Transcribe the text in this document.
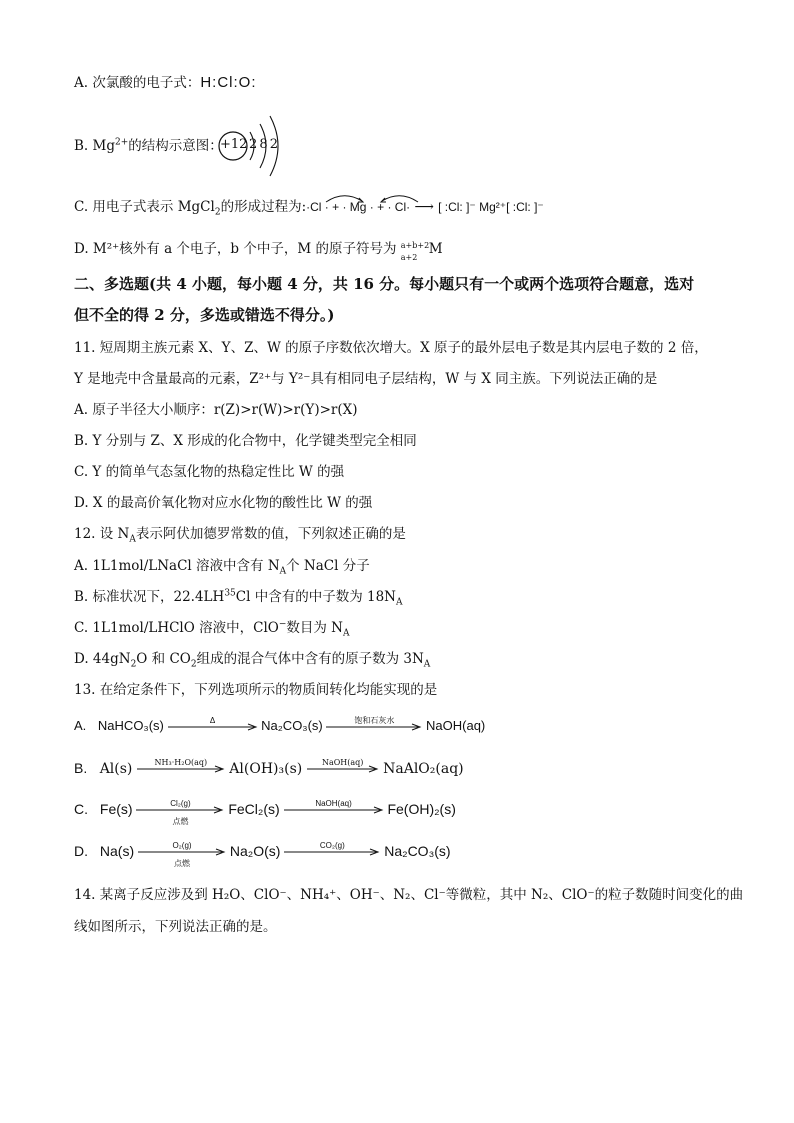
A. 次氯酸的电子式：H:Cl:O:
B. $Mg^{2+}$的结构示意图：
+12 2 8 2
C. 用电子式表示 MgCl$_2$的形成过程为:·Cl · + · Mg · + · Cl· ⟶ [ :Cl: ]⁻ Mg²⁺[ :Cl: ]⁻
D. M²⁺核外有 a 个电子，b 个中子，M 的原子符号为 a+b+2
a+2 M
二、多选题(共 4 小题，每小题 4 分，共 16 分。每小题只有一个或两个选项符合题意，选对
但不全的得 2 分，多选或错选不得分。)
11. 短周期主族元素 X、Y、Z、W 的原子序数依次增大。X 原子的最外层电子数是其内层电子数的 2 倍，
Y 是地壳中含量最高的元素，Z²⁺与 Y²⁻具有相同电子层结构，W 与 X 同主族。下列说法正确的是
A. 原子半径大小顺序：r(Z)>r(W)>r(Y)>r(X)
B. Y 分别与 Z、X 形成的化合物中，化学键类型完全相同
C. Y 的简单气态氢化物的热稳定性比 W 的强
D. X 的最高价氧化物对应水化物的酸性比 W 的强
12. 设 $N_A$表示阿伏加德罗常数的值，下列叙述正确的是
A. 1L1mol/LNaCl 溶液中含有 $N_A$个 NaCl 分子
B. 标准状况下，22.4LH$^{35}$Cl 中含有的中子数为 $18N_A$
C. 1L1mol/LHClO 溶液中，ClO−数目为 $N_A$
D. $44gN_2O$ 和 $CO_2$组成的混合气体中含有的原子数为 $3N_A$
13. 在给定条件下，下列选项所示的物质间转化均能实现的是
A. NaHCO₃(s)	Δ	Na₂CO₃(s)	饱和石灰水	NaOH(aq)
B. Al(s)	NH₃·H₂O(aq)	Al(OH)₃(s)	NaOH(aq)	NaAlO₂(aq)
C. Fe(s)	Cl₂(g)
点燃
FeCl₂(s)	NaOH(aq)	Fe(OH)₂(s)
D. Na(s)	O₂(g)
点燃
Na₂O(s)	CO₂(g)	Na₂CO₃(s)
14. 某离子反应涉及到 H₂O、ClO⁻、NH₄⁺、OH⁻、N₂、Cl⁻等微粒，其中 N₂、ClO⁻的粒子数随时间变化的曲
线如图所示，下列说法正确的是。
